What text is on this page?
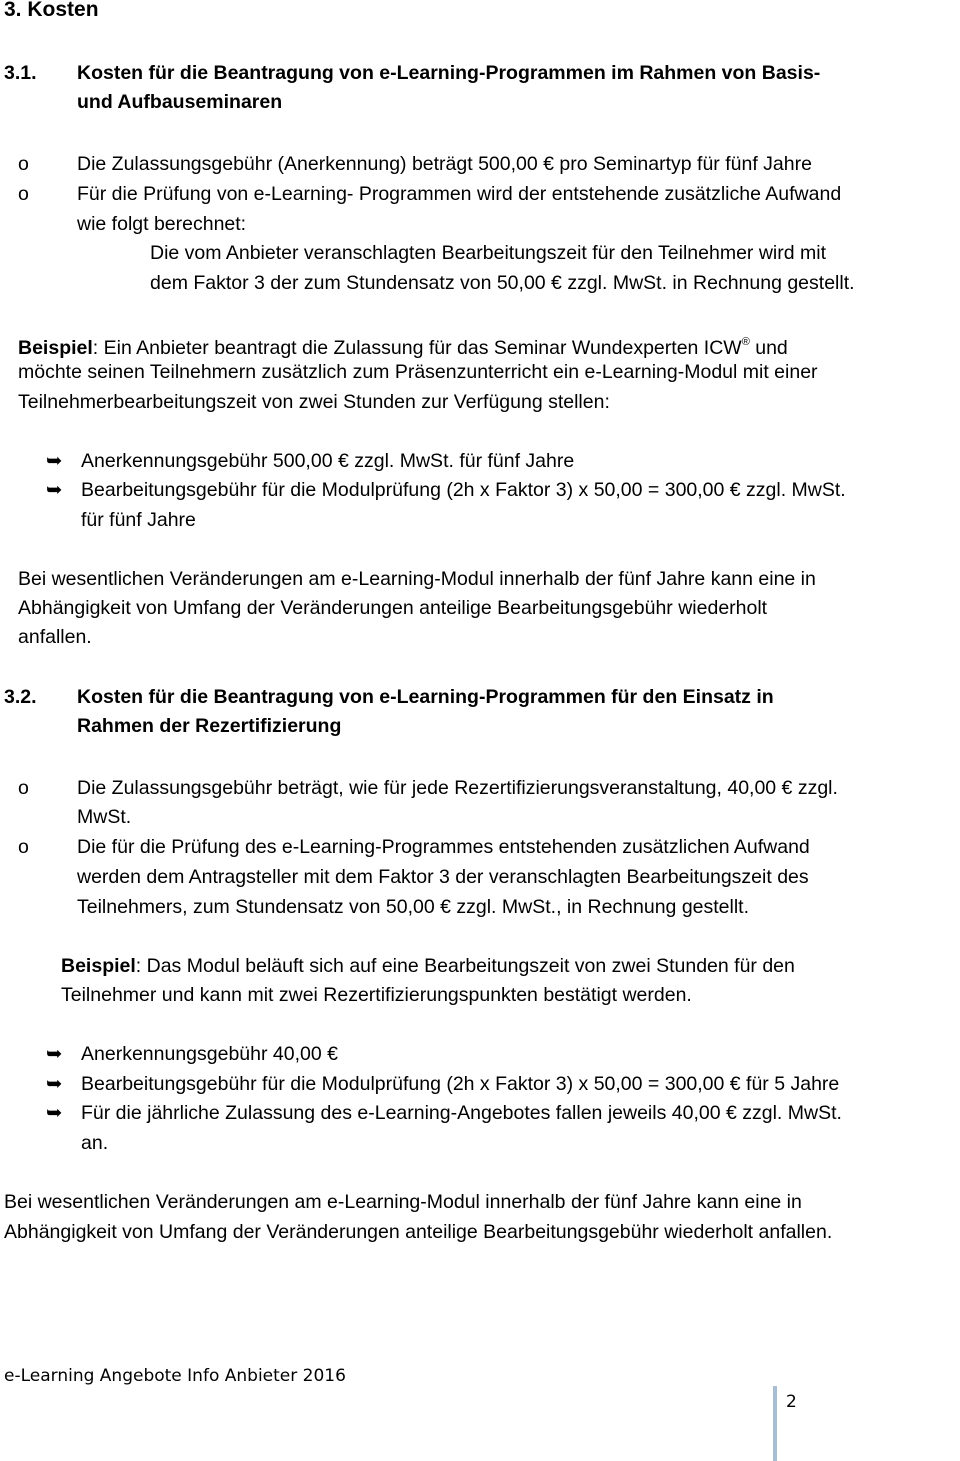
3. Kosten
3.1. Kosten für die Beantragung von e-Learning-Programmen im Rahmen von Basis-
und Aufbauseminaren
o Die Zulassungsgebühr (Anerkennung) beträgt 500,00 € pro Seminartyp für fünf Jahre
o Für die Prüfung von e-Learning- Programmen wird der entstehende zusätzliche Aufwand
wie folgt berechnet:
Die vom Anbieter veranschlagten Bearbeitungszeit für den Teilnehmer wird mit
dem Faktor 3 der zum Stundensatz von 50,00 € zzgl. MwSt. in Rechnung gestellt.
Beispiel: Ein Anbieter beantragt die Zulassung für das Seminar Wundexperten ICW® und
möchte seinen Teilnehmern zusätzlich zum Präsenzunterricht ein e-Learning-Modul mit einer
Teilnehmerbearbeitungszeit von zwei Stunden zur Verfügung stellen:
➥ Anerkennungsgebühr 500,00 € zzgl. MwSt. für fünf Jahre
➥ Bearbeitungsgebühr für die Modulprüfung (2h x Faktor 3) x 50,00 = 300,00 € zzgl. MwSt.
für fünf Jahre
Bei wesentlichen Veränderungen am e-Learning-Modul innerhalb der fünf Jahre kann eine in
Abhängigkeit von Umfang der Veränderungen anteilige Bearbeitungsgebühr wiederholt
anfallen.
3.2. Kosten für die Beantragung von e-Learning-Programmen für den Einsatz in
Rahmen der Rezertifizierung
o Die Zulassungsgebühr beträgt, wie für jede Rezertifizierungsveranstaltung, 40,00 € zzgl.
MwSt.
o Die für die Prüfung des e-Learning-Programmes entstehenden zusätzlichen Aufwand
werden dem Antragsteller mit dem Faktor 3 der veranschlagten Bearbeitungszeit des
Teilnehmers, zum Stundensatz von 50,00 € zzgl. MwSt., in Rechnung gestellt.
Beispiel: Das Modul beläuft sich auf eine Bearbeitungszeit von zwei Stunden für den
Teilnehmer und kann mit zwei Rezertifizierungspunkten bestätigt werden.
➥ Anerkennungsgebühr 40,00 €
➥ Bearbeitungsgebühr für die Modulprüfung (2h x Faktor 3) x 50,00 = 300,00 € für 5 Jahre
➥ Für die jährliche Zulassung des e-Learning-Angebotes fallen jeweils 40,00 € zzgl. MwSt.
an.
Bei wesentlichen Veränderungen am e-Learning-Modul innerhalb der fünf Jahre kann eine in
Abhängigkeit von Umfang der Veränderungen anteilige Bearbeitungsgebühr wiederholt anfallen.
e-Learning Angebote Info Anbieter 2016
2
